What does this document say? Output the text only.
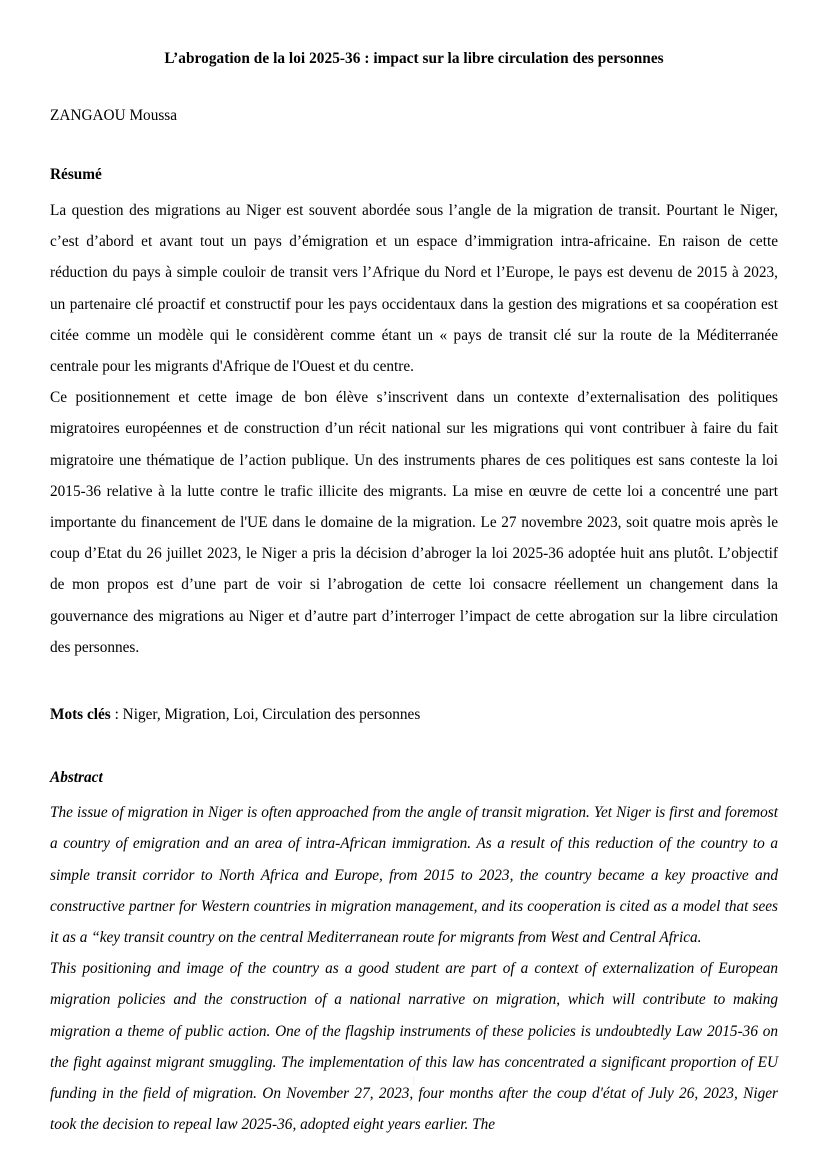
L’abrogation de la loi 2025-36 : impact sur la libre circulation des personnes

ZANGAOU Moussa

Résumé

La question des migrations au Niger est souvent abordée sous l’angle de la migration de transit. Pourtant le Niger, c’est d’abord et avant tout un pays d’émigration et un espace d’immigration intra-africaine. En raison de cette réduction du pays à simple couloir de transit vers l’Afrique du Nord et l’Europe, le pays est devenu de 2015 à 2023, un partenaire clé proactif et constructif pour les pays occidentaux dans la gestion des migrations et sa coopération est citée comme un modèle qui le considèrent comme étant un « pays de transit clé sur la route de la Méditerranée centrale pour les migrants d'Afrique de l'Ouest et du centre.

Ce positionnement et cette image de bon élève s’inscrivent dans un contexte d’externalisation des politiques migratoires européennes et de construction d’un récit national sur les migrations qui vont contribuer à faire du fait migratoire une thématique de l’action publique. Un des instruments phares de ces politiques est sans conteste la loi 2015-36 relative à la lutte contre le trafic illicite des migrants. La mise en œuvre de cette loi a concentré une part importante du financement de l'UE dans le domaine de la migration. Le 27 novembre 2023, soit quatre mois après le coup d’Etat du 26 juillet 2023, le Niger a pris la décision d’abroger la loi 2025-36 adoptée huit ans plutôt. L’objectif de mon propos est d’une part de voir si l’abrogation de cette loi consacre réellement un changement dans la gouvernance des migrations au Niger et d’autre part d’interroger l’impact de cette abrogation sur la libre circulation des personnes.

Mots clés : Niger, Migration, Loi, Circulation des personnes

Abstract

The issue of migration in Niger is often approached from the angle of transit migration. Yet Niger is first and foremost a country of emigration and an area of intra-African immigration. As a result of this reduction of the country to a simple transit corridor to North Africa and Europe, from 2015 to 2023, the country became a key proactive and constructive partner for Western countries in migration management, and its cooperation is cited as a model that sees it as a “key transit country on the central Mediterranean route for migrants from West and Central Africa.

This positioning and image of the country as a good student are part of a context of externalization of European migration policies and the construction of a national narrative on migration, which will contribute to making migration a theme of public action. One of the flagship instruments of these policies is undoubtedly Law 2015-36 on the fight against migrant smuggling. The implementation of this law has concentrated a significant proportion of EU funding in the field of migration. On November 27, 2023, four months after the coup d'état of July 26, 2023, Niger took the decision to repeal law 2025-36, adopted eight years earlier. The

1
